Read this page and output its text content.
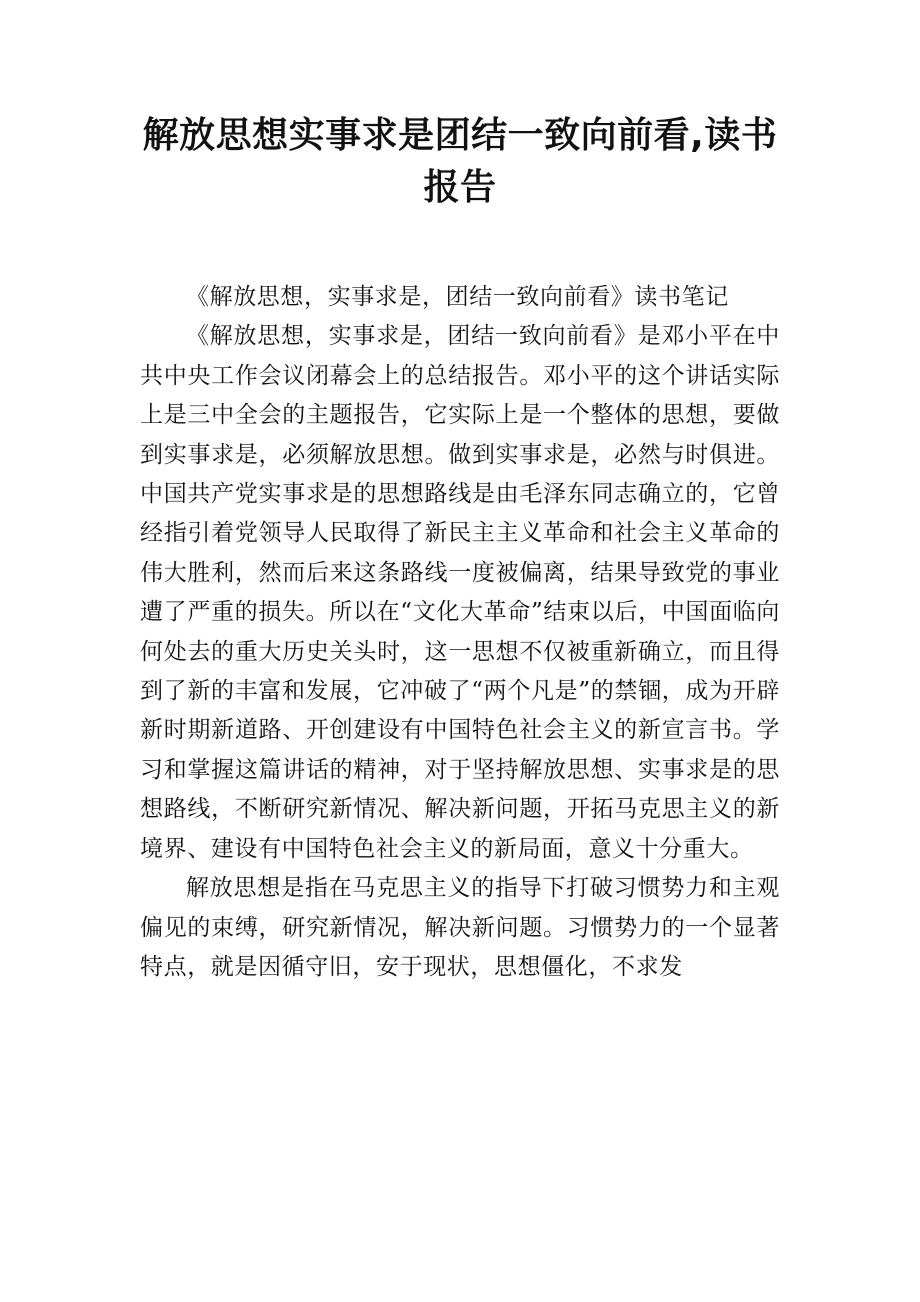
解放思想实事求是团结一致向前看,读书报告

《解放思想，实事求是，团结一致向前看》读书笔记

《解放思想，实事求是，团结一致向前看》是邓小平在中共中央工作会议闭幕会上的总结报告。邓小平的这个讲话实际上是三中全会的主题报告，它实际上是一个整体的思想，要做到实事求是，必须解放思想。做到实事求是，必然与时俱进。中国共产党实事求是的思想路线是由毛泽东同志确立的，它曾经指引着党领导人民取得了新民主主义革命和社会主义革命的伟大胜利，然而后来这条路线一度被偏离，结果导致党的事业遭了严重的损失。所以在“文化大革命”结束以后，中国面临向何处去的重大历史关头时，这一思想不仅被重新确立，而且得到了新的丰富和发展，它冲破了“两个凡是”的禁锢，成为开辟新时期新道路、开创建设有中国特色社会主义的新宣言书。学习和掌握这篇讲话的精神，对于坚持解放思想、实事求是的思想路线，不断研究新情况、解决新问题，开拓马克思主义的新境界、建设有中国特色社会主义的新局面，意义十分重大。

解放思想是指在马克思主义的指导下打破习惯势力和主观偏见的束缚，研究新情况，解决新问题。习惯势力的一个显著特点，就是因循守旧，安于现状，思想僵化，不求发
